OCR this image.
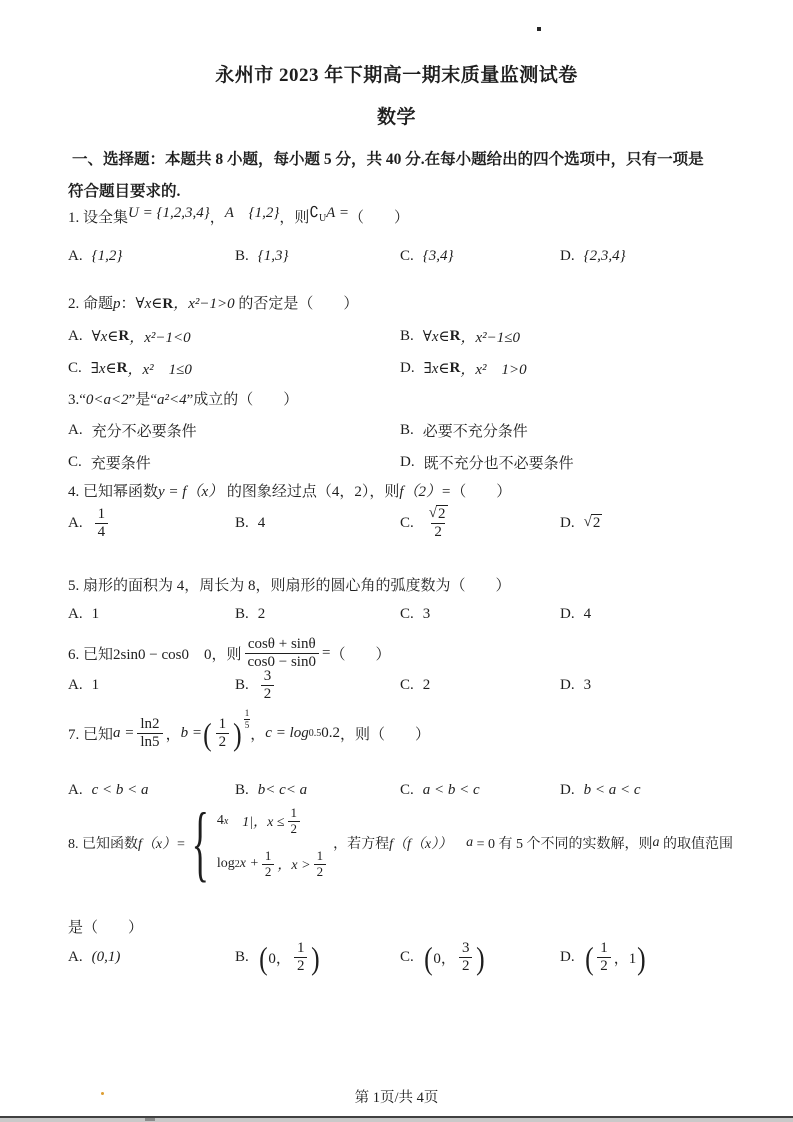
永州市 2023 年下期高一期末质量监测试卷
数学
一、选择题：本题共 8 小题，每小题 5 分，共 40 分.在每小题给出的四个选项中，只有一项是
符合题目要求的.
1. 设全集U = {1,2,3,4}，A　{1,2}，则$∁_UA$ =（　　）
A. {1,2}	B. {1,3}	C. {3,4}	D. {2,3,4}
2. 命题p：∀x∈R，x²−1>0 的否定是（　　）
A. ∀x∈ R ，x²−1<0	B. ∀x∈ R ，x²−1≤0
C. ∃x∈ R ，x²　1≤0	D. ∃x∈ R ，x²　1>0
3.“0<a<2”是“a²<4”成立的（　　）
A. 充分不必要条件	B. 必要不充分条件
C. 充要条件	D. 既不充分也不必要条件
4. 已知幂函数y = f（x） 的图象经过点（4，2），则f（2）=（　　）
A. $\frac{1}{4}$	B. 4	C. $\frac{√ 2}{2}$	D. √ 2
5. 扇形的面积为 4，周长为 8，则扇形的圆心角的弧度数为（　　）
A. 1	B. 2	C. 3	D. 4
6. 已知 2sin0 − cos0　0 ，则 $\frac{\cos\theta + \sin\theta}{\cos 0 - \sin 0}$ = （　　）
A. 1	B. $\frac{3}{2}$	C. 2	D. 3
7. 已知 $a = \frac{\ln 2}{\ln 5}$ ， b = ( $\frac{1}{2}$ ) $\frac{1}{5}$
， c = log 0.5 0.2 ，则（　　）
A. c < b < a	B. b< c< a	C. a < b < c	D. b < a < c
8. 已知函数 f（x）= { 4 x 　1|，$x \le \frac{1}{2}$
log 2 $x + \frac{1}{2}$ ，$x > \frac{1}{2}$
，若方程 f（f（x））
　 a = 0 有 5 个不同的实数解，则 a 的取值范围
是（　　）
A. (0,1)	B. ( 0， $\frac{1}{2}$ )	C. ( 0， $\frac{3}{2}$ )	D. ( $\frac{1}{2}$ ，1 )
第 1页/共 4页
